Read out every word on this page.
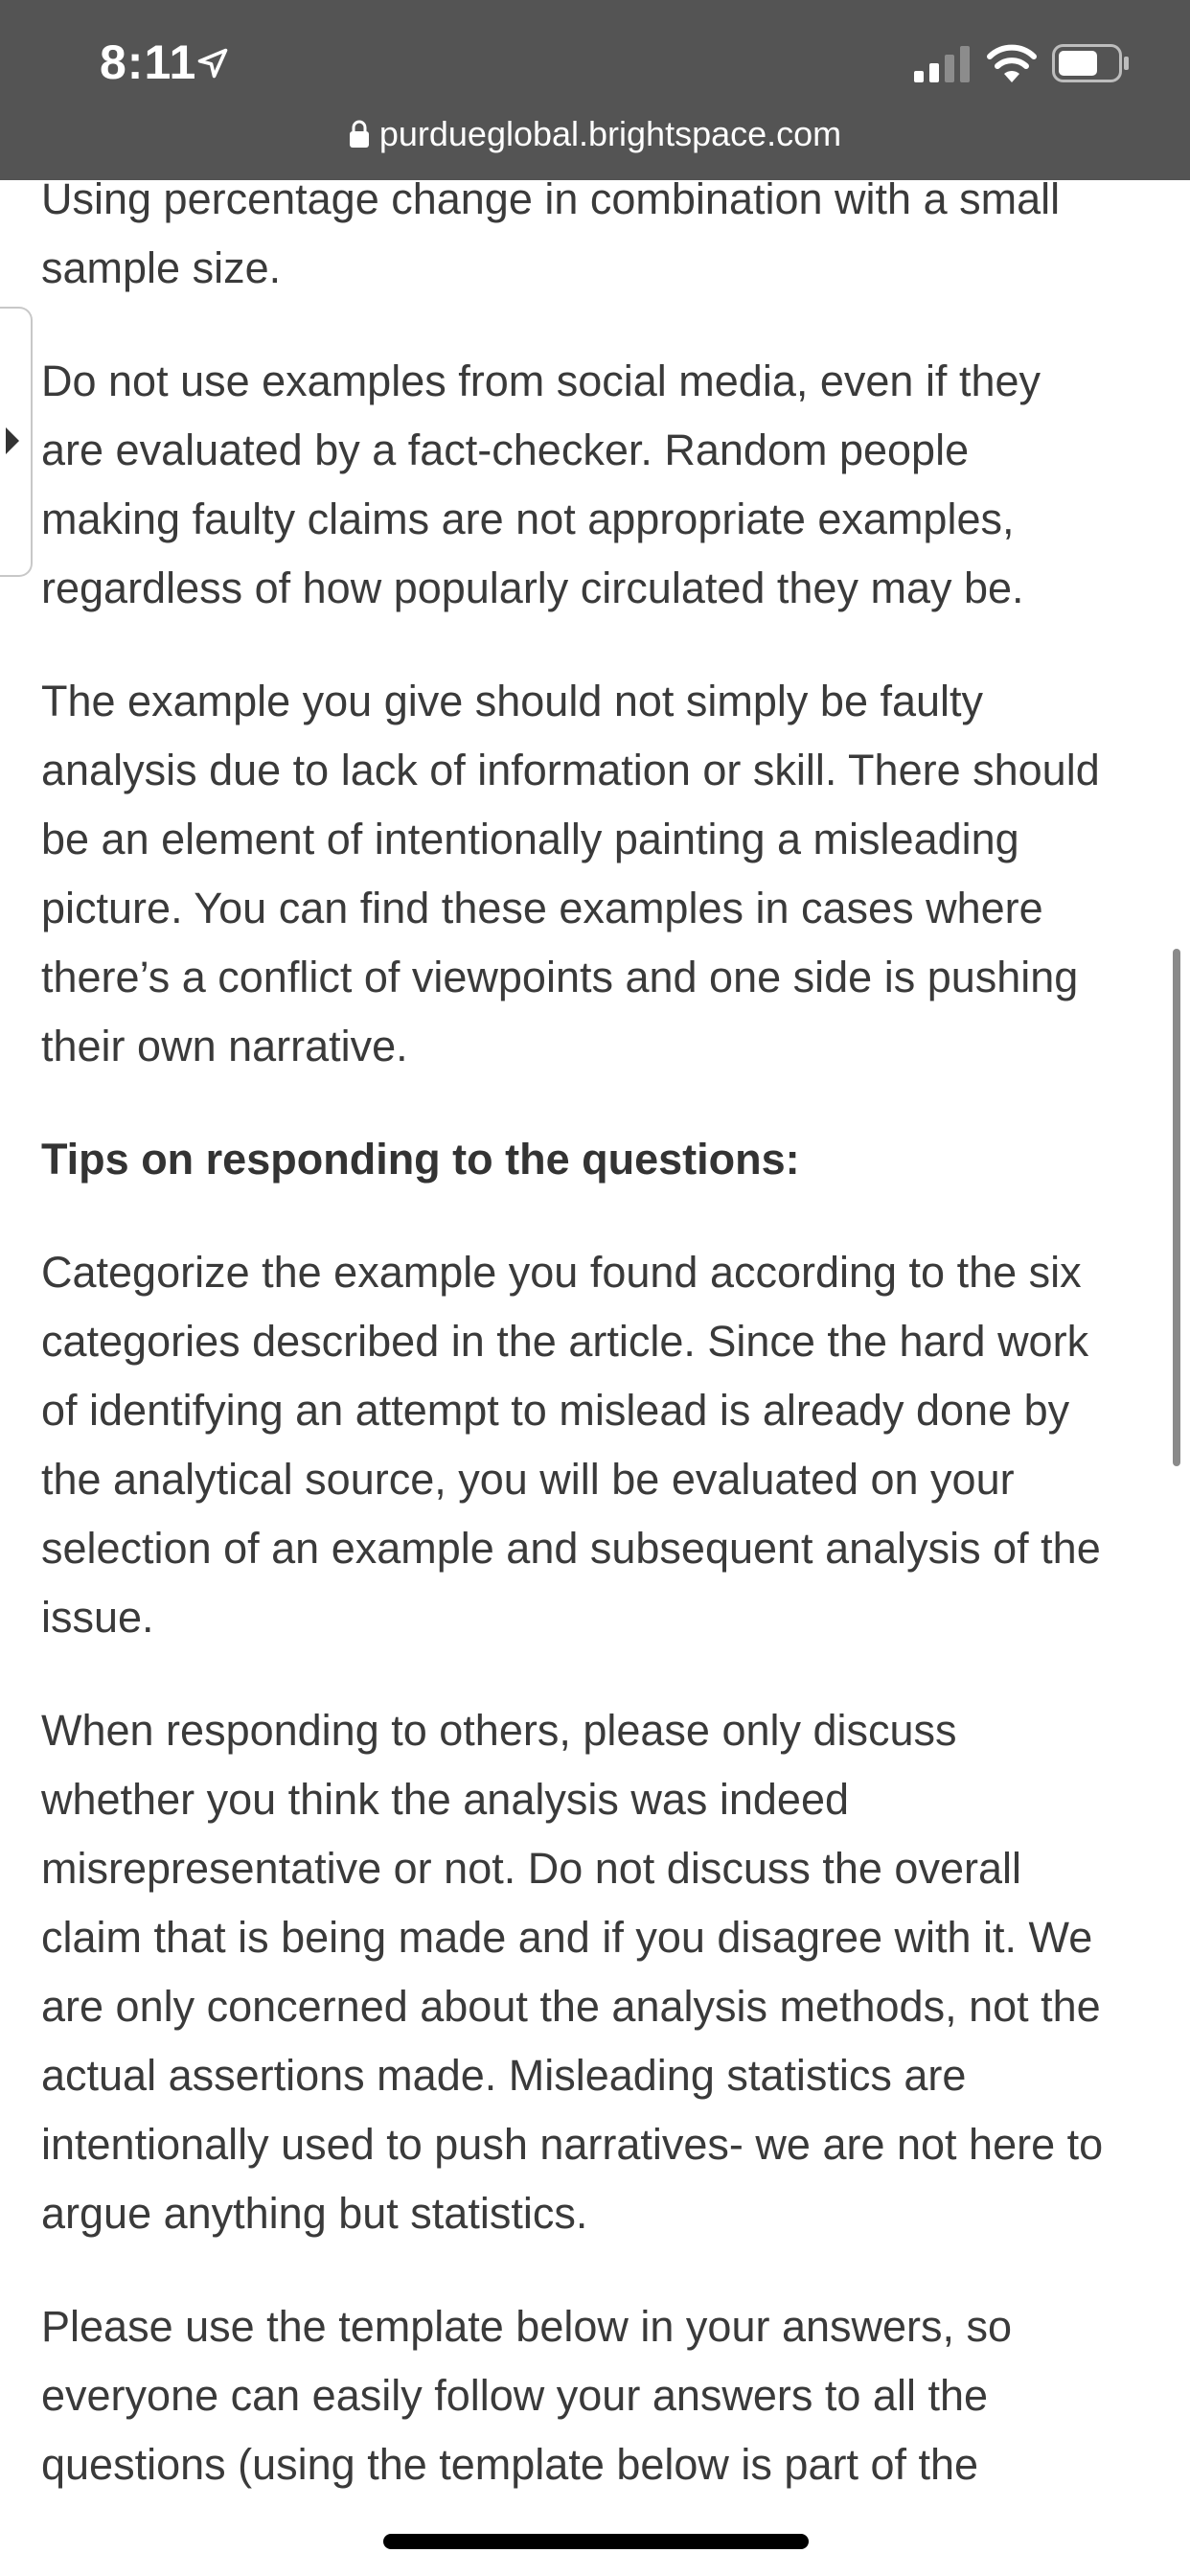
8:11
purdueglobal.brightspace.com

Using percentage change in combination with a small sample size.

Do not use examples from social media, even if they are evaluated by a fact-checker. Random people making faulty claims are not appropriate examples, regardless of how popularly circulated they may be.

The example you give should not simply be faulty analysis due to lack of information or skill. There should be an element of intentionally painting a misleading picture. You can find these examples in cases where there’s a conflict of viewpoints and one side is pushing their own narrative.

Tips on responding to the questions:

Categorize the example you found according to the six categories described in the article. Since the hard work of identifying an attempt to mislead is already done by the analytical source, you will be evaluated on your selection of an example and subsequent analysis of the issue.

When responding to others, please only discuss whether you think the analysis was indeed misrepresentative or not. Do not discuss the overall claim that is being made and if you disagree with it. We are only concerned about the analysis methods, not the actual assertions made. Misleading statistics are intentionally used to push narratives- we are not here to argue anything but statistics.

Please use the template below in your answers, so everyone can easily follow your answers to all the questions (using the template below is part of the
